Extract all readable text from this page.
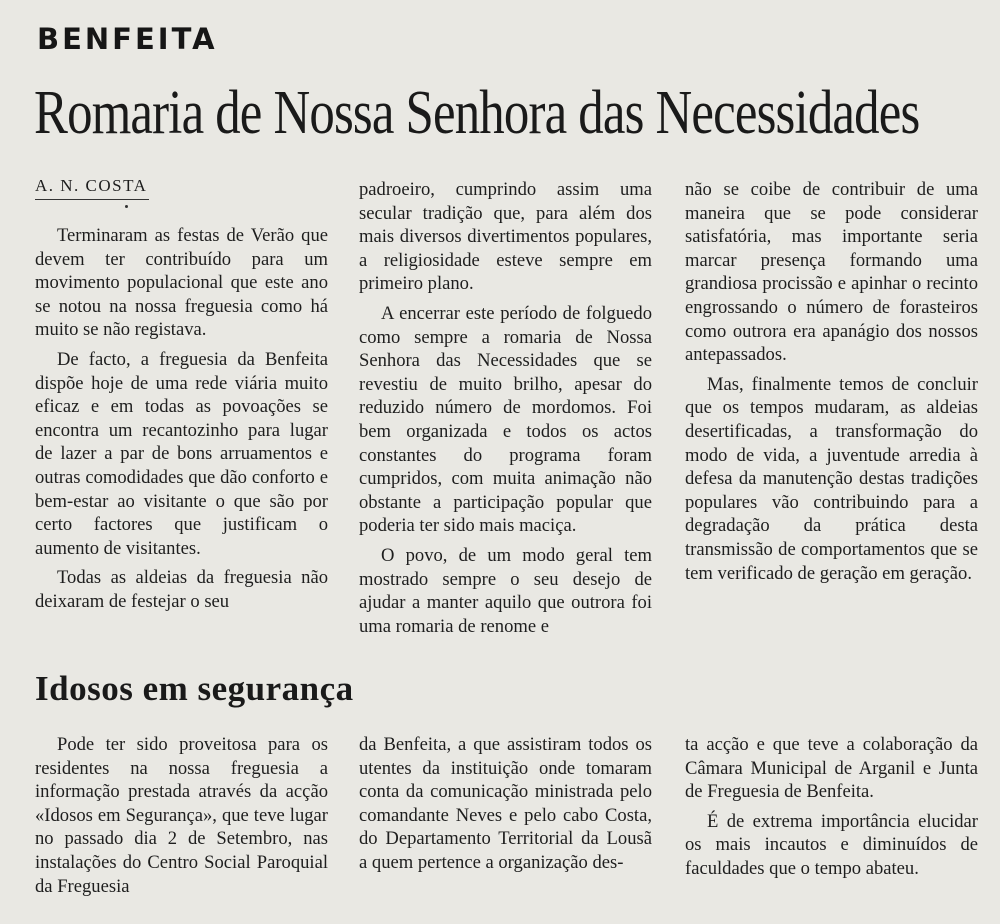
BENFEITA
Romaria de Nossa Senhora das Necessidades
A. N. COSTA

Terminaram as festas de Verão que devem ter contribuído para um movimento populacional que este ano se notou na nossa freguesia como há muito se não registava.

De facto, a freguesia da Benfeita dispõe hoje de uma rede viária muito eficaz e em todas as povoações se encontra um recantozinho para lugar de lazer a par de bons arruamentos e outras comodidades que dão conforto e bem-estar ao visitante o que são por certo factores que justificam o aumento de visitantes.

Todas as aldeias da freguesia não deixaram de festejar o seu

padroeiro, cumprindo assim uma secular tradição que, para além dos mais diversos divertimentos populares, a religiosidade esteve sempre em primeiro plano.

A encerrar este período de folguedo como sempre a romaria de Nossa Senhora das Necessidades que se revestiu de muito brilho, apesar do reduzido número de mordomos. Foi bem organizada e todos os actos constantes do programa foram cumpridos, com muita animação não obstante a participação popular que poderia ter sido mais maciça.

O povo, de um modo geral tem mostrado sempre o seu desejo de ajudar a manter aquilo que outrora foi uma romaria de renome e

não se coibe de contribuir de uma maneira que se pode considerar satisfatória, mas importante seria marcar presença formando uma grandiosa procissão e apinhar o recinto engrossando o número de forasteiros como outrora era apanágio dos nossos antepassados.

Mas, finalmente temos de concluir que os tempos mudaram, as aldeias desertificadas, a transformação do modo de vida, a juventude arredia à defesa da manutenção destas tradições populares vão contribuindo para a degradação da prática desta transmissão de comportamentos que se tem verificado de geração em geração.

Idosos em segurança

Pode ter sido proveitosa para os residentes na nossa freguesia a informação prestada através da acção «Idosos em Segurança», que teve lugar no passado dia 2 de Setembro, nas instalações do Centro Social Paroquial da Freguesia

da Benfeita, a que assistiram todos os utentes da instituição onde tomaram conta da comunicação ministrada pelo comandante Neves e pelo cabo Costa, do Departamento Territorial da Lousã a quem pertence a organização des-

ta acção e que teve a colaboração da Câmara Municipal de Arganil e Junta de Freguesia de Benfeita.

É de extrema importância elucidar os mais incautos e diminuídos de faculdades que o tempo abateu.
